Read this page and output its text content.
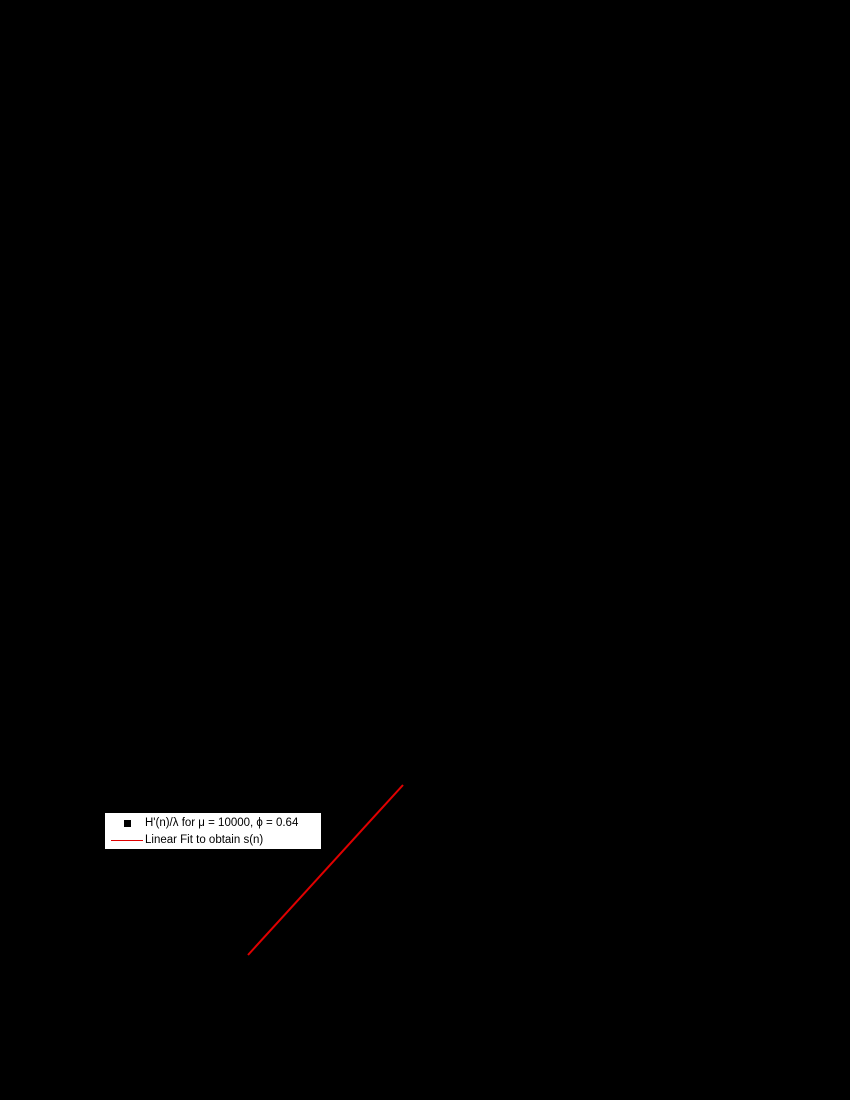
H'(n)/λ for μ = 10000, ϕ = 0.64
Linear Fit to obtain s(n)
